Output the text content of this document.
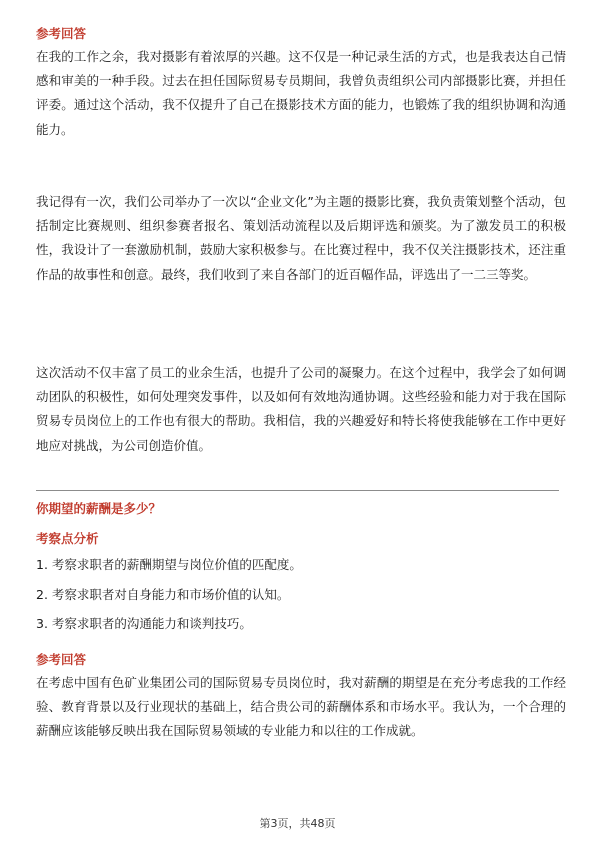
参考回答

在我的工作之余，我对摄影有着浓厚的兴趣。这不仅是一种记录生活的方式，也是我表达自己情感和审美的一种手段。过去在担任国际贸易专员期间，我曾负责组织公司内部摄影比赛，并担任评委。通过这个活动，我不仅提升了自己在摄影技术方面的能力，也锻炼了我的组织协调和沟通能力。

我记得有一次，我们公司举办了一次以“企业文化”为主题的摄影比赛，我负责策划整个活动，包括制定比赛规则、组织参赛者报名、策划活动流程以及后期评选和颁奖。为了激发员工的积极性，我设计了一套激励机制，鼓励大家积极参与。在比赛过程中，我不仅关注摄影技术，还注重作品的故事性和创意。最终，我们收到了来自各部门的近百幅作品，评选出了一二三等奖。

这次活动不仅丰富了员工的业余生活，也提升了公司的凝聚力。在这个过程中，我学会了如何调动团队的积极性，如何处理突发事件，以及如何有效地沟通协调。这些经验和能力对于我在国际贸易专员岗位上的工作也有很大的帮助。我相信，我的兴趣爱好和特长将使我能够在工作中更好地应对挑战，为公司创造价值。

你期望的薪酬是多少？
考察点分析
1. 考察求职者的薪酬期望与岗位价值的匹配度。
2. 考察求职者对自身能力和市场价值的认知。
3. 考察求职者的沟通能力和谈判技巧。
参考回答

在考虑中国有色矿业集团公司的国际贸易专员岗位时，我对薪酬的期望是在充分考虑我的工作经验、教育背景以及行业现状的基础上，结合贵公司的薪酬体系和市场水平。我认为，一个合理的薪酬应该能够反映出我在国际贸易领域的专业能力和以往的工作成就。

第3页，共48页
